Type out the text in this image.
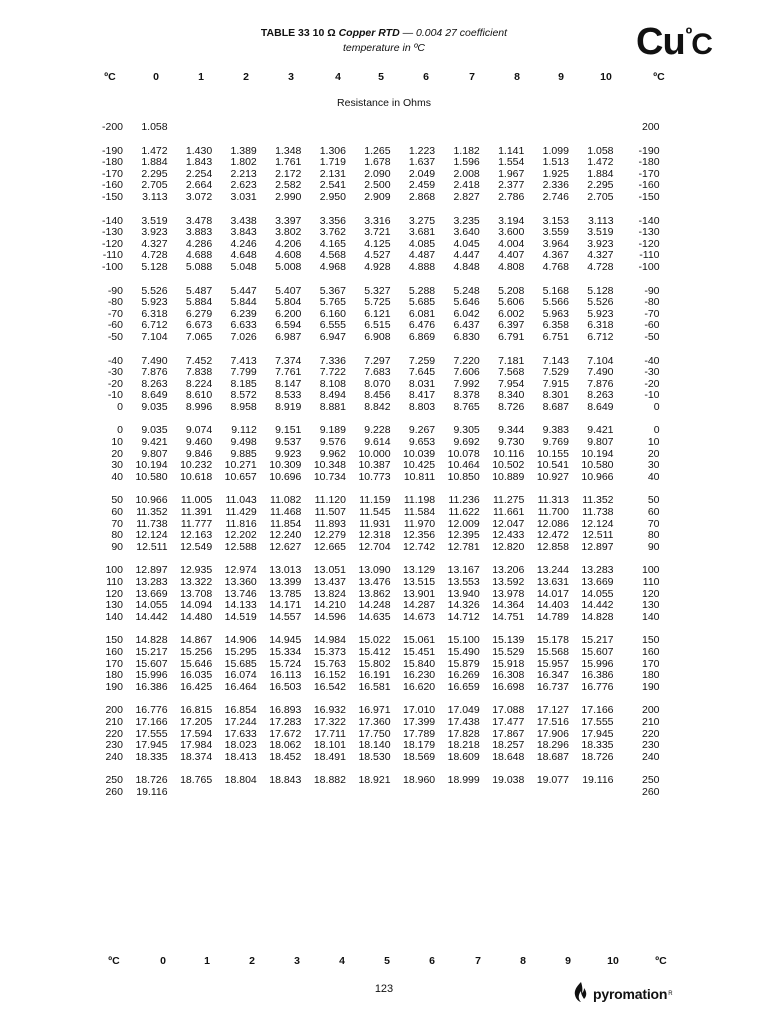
TABLE 33 10 Ω Copper RTD — 0.004 27 coefficient
temperature in ºC	$Cu^ºC$
ºC	0	1	2	3	4	5	6	7	8	9	10	ºC
Resistance in Ohms
-200	1.058											200

-190	1.472	1.430	1.389	1.348	1.306	1.265	1.223	1.182	1.141	1.099	1.058	-190
-180	1.884	1.843	1.802	1.761	1.719	1.678	1.637	1.596	1.554	1.513	1.472	-180
-170	2.295	2.254	2.213	2.172	2.131	2.090	2.049	2.008	1.967	1.925	1.884	-170
-160	2.705	2.664	2.623	2.582	2.541	2.500	2.459	2.418	2.377	2.336	2.295	-160
-150	3.113	3.072	3.031	2.990	2.950	2.909	2.868	2.827	2.786	2.746	2.705	-150

-140	3.519	3.478	3.438	3.397	3.356	3.316	3.275	3.235	3.194	3.153	3.113	-140
-130	3.923	3.883	3.843	3.802	3.762	3.721	3.681	3.640	3.600	3.559	3.519	-130
-120	4.327	4.286	4.246	4.206	4.165	4.125	4.085	4.045	4.004	3.964	3.923	-120
-110	4.728	4.688	4.648	4.608	4.568	4.527	4.487	4.447	4.407	4.367	4.327	-110
-100	5.128	5.088	5.048	5.008	4.968	4.928	4.888	4.848	4.808	4.768	4.728	-100

-90	5.526	5.487	5.447	5.407	5.367	5.327	5.288	5.248	5.208	5.168	5.128	-90
-80	5.923	5.884	5.844	5.804	5.765	5.725	5.685	5.646	5.606	5.566	5.526	-80
-70	6.318	6.279	6.239	6.200	6.160	6.121	6.081	6.042	6.002	5.963	5.923	-70
-60	6.712	6.673	6.633	6.594	6.555	6.515	6.476	6.437	6.397	6.358	6.318	-60
-50	7.104	7.065	7.026	6.987	6.947	6.908	6.869	6.830	6.791	6.751	6.712	-50

-40	7.490	7.452	7.413	7.374	7.336	7.297	7.259	7.220	7.181	7.143	7.104	-40
-30	7.876	7.838	7.799	7.761	7.722	7.683	7.645	7.606	7.568	7.529	7.490	-30
-20	8.263	8.224	8.185	8.147	8.108	8.070	8.031	7.992	7.954	7.915	7.876	-20
-10	8.649	8.610	8.572	8.533	8.494	8.456	8.417	8.378	8.340	8.301	8.263	-10
0	9.035	8.996	8.958	8.919	8.881	8.842	8.803	8.765	8.726	8.687	8.649	0

0	9.035	9.074	9.112	9.151	9.189	9.228	9.267	9.305	9.344	9.383	9.421	0
10	9.421	9.460	9.498	9.537	9.576	9.614	9.653	9.692	9.730	9.769	9.807	10
20	9.807	9.846	9.885	9.923	9.962	10.000	10.039	10.078	10.116	10.155	10.194	20
30	10.194	10.232	10.271	10.309	10.348	10.387	10.425	10.464	10.502	10.541	10.580	30
40	10.580	10.618	10.657	10.696	10.734	10.773	10.811	10.850	10.889	10.927	10.966	40

50	10.966	11.005	11.043	11.082	11.120	11.159	11.198	11.236	11.275	11.313	11.352	50
60	11.352	11.391	11.429	11.468	11.507	11.545	11.584	11.622	11.661	11.700	11.738	60
70	11.738	11.777	11.816	11.854	11.893	11.931	11.970	12.009	12.047	12.086	12.124	70
80	12.124	12.163	12.202	12.240	12.279	12.318	12.356	12.395	12.433	12.472	12.511	80
90	12.511	12.549	12.588	12.627	12.665	12.704	12.742	12.781	12.820	12.858	12.897	90

100	12.897	12.935	12.974	13.013	13.051	13.090	13.129	13.167	13.206	13.244	13.283	100
110	13.283	13.322	13.360	13.399	13.437	13.476	13.515	13.553	13.592	13.631	13.669	110
120	13.669	13.708	13.746	13.785	13.824	13.862	13.901	13.940	13.978	14.017	14.055	120
130	14.055	14.094	14.133	14.171	14.210	14.248	14.287	14.326	14.364	14.403	14.442	130
140	14.442	14.480	14.519	14.557	14.596	14.635	14.673	14.712	14.751	14.789	14.828	140

150	14.828	14.867	14.906	14.945	14.984	15.022	15.061	15.100	15.139	15.178	15.217	150
160	15.217	15.256	15.295	15.334	15.373	15.412	15.451	15.490	15.529	15.568	15.607	160
170	15.607	15.646	15.685	15.724	15.763	15.802	15.840	15.879	15.918	15.957	15.996	170
180	15.996	16.035	16.074	16.113	16.152	16.191	16.230	16.269	16.308	16.347	16.386	180
190	16.386	16.425	16.464	16.503	16.542	16.581	16.620	16.659	16.698	16.737	16.776	190

200	16.776	16.815	16.854	16.893	16.932	16.971	17.010	17.049	17.088	17.127	17.166	200
210	17.166	17.205	17.244	17.283	17.322	17.360	17.399	17.438	17.477	17.516	17.555	210
220	17.555	17.594	17.633	17.672	17.711	17.750	17.789	17.828	17.867	17.906	17.945	220
230	17.945	17.984	18.023	18.062	18.101	18.140	18.179	18.218	18.257	18.296	18.335	230
240	18.335	18.374	18.413	18.452	18.491	18.530	18.569	18.609	18.648	18.687	18.726	240

250	18.726	18.765	18.804	18.843	18.882	18.921	18.960	18.999	19.038	19.077	19.116	250
260	19.116											260
ºC	0	1	2	3	4	5	6	7	8	9	10	ºC
123	pyromation R
